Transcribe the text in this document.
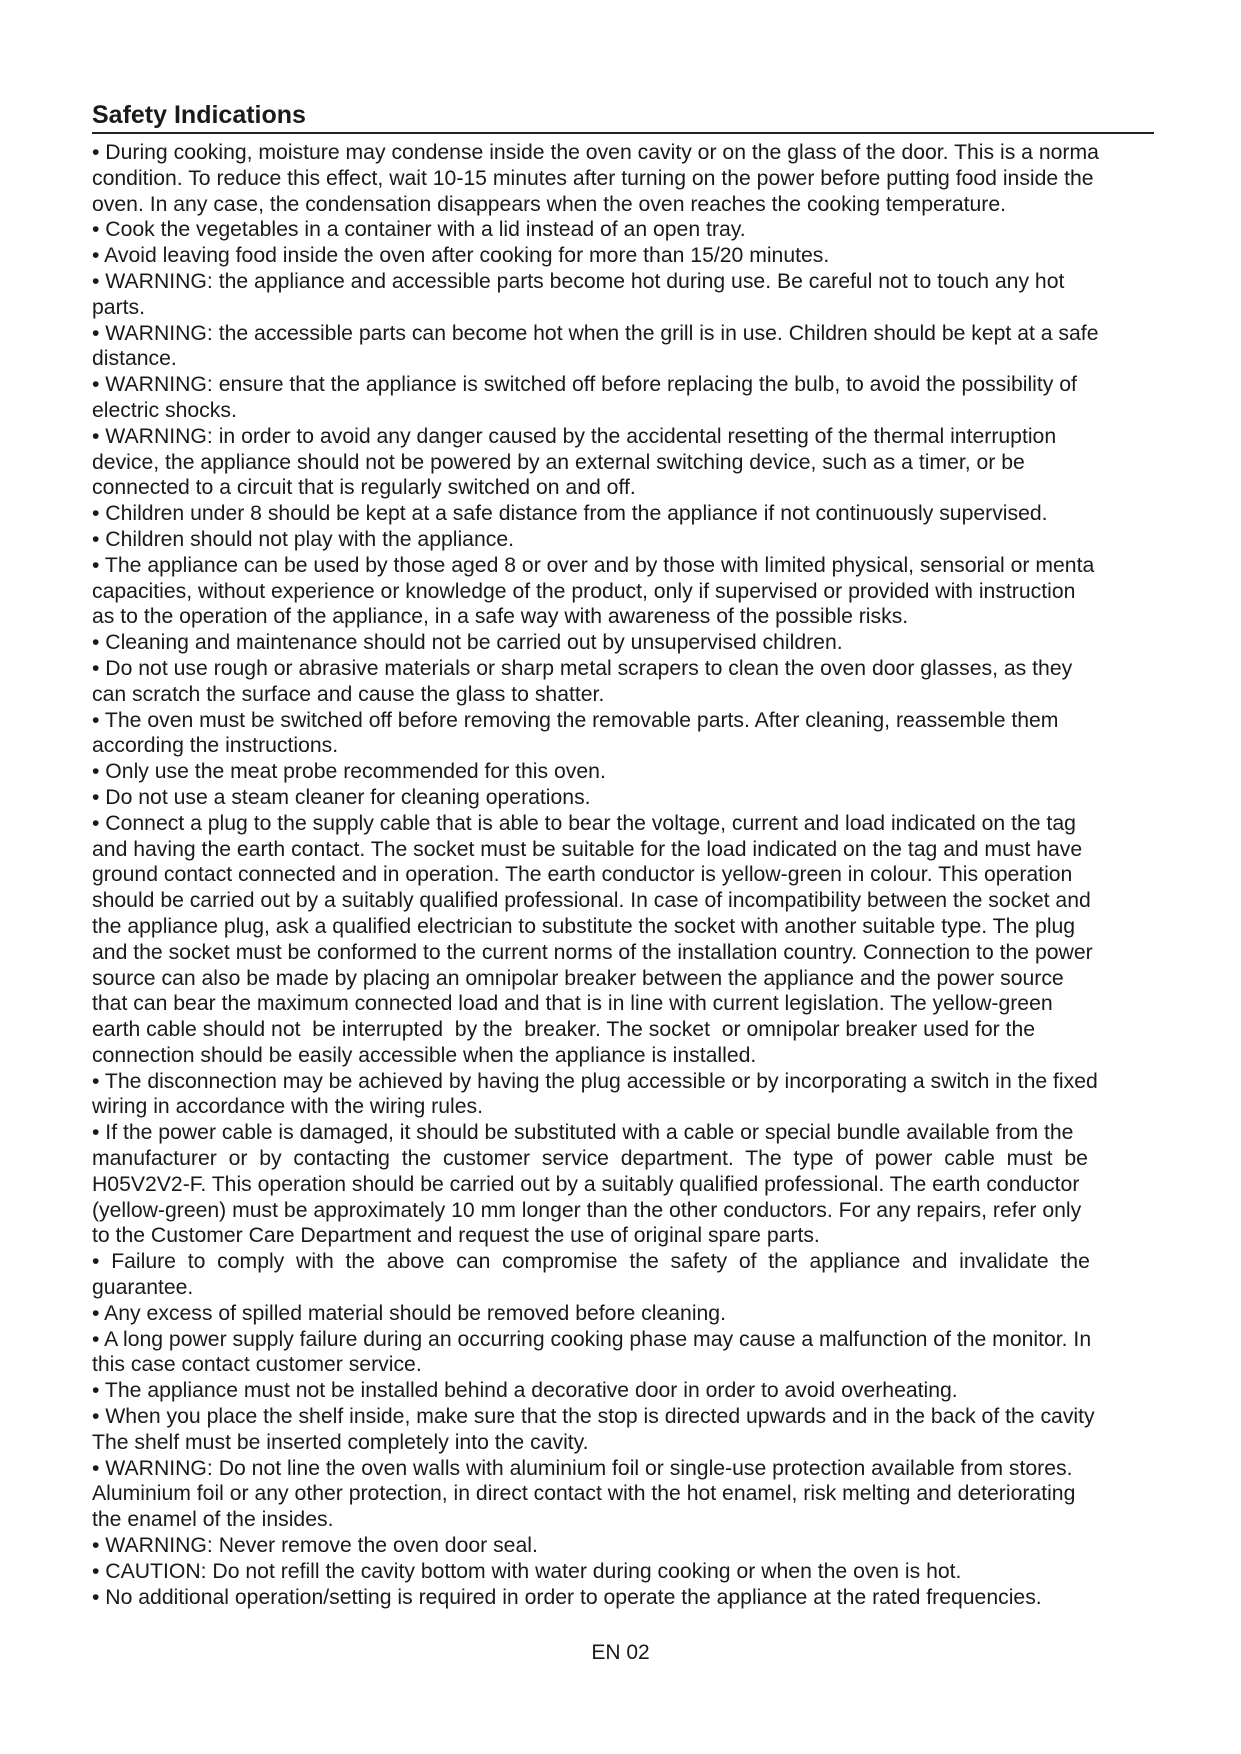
Safety Indications

• During cooking, moisture may condense inside the oven cavity or on the glass of the door. This is a norma
condition. To reduce this effect, wait 10-15 minutes after turning on the power before putting food inside the
oven. In any case, the condensation disappears when the oven reaches the cooking temperature.

• Cook the vegetables in a container with a lid instead of an open tray.

• Avoid leaving food inside the oven after cooking for more than 15/20 minutes.

• WARNING: the appliance and accessible parts become hot during use. Be careful not to touch any hot
parts.

• WARNING: the accessible parts can become hot when the grill is in use. Children should be kept at a safe
distance.

• WARNING: ensure that the appliance is switched off before replacing the bulb, to avoid the possibility of
electric shocks.

• WARNING: in order to avoid any danger caused by the accidental resetting of the thermal interruption
device, the appliance should not be powered by an external switching device, such as a timer, or be
connected to a circuit that is regularly switched on and off.

• Children under 8 should be kept at a safe distance from the appliance if not continuously supervised.

• Children should not play with the appliance.

• The appliance can be used by those aged 8 or over and by those with limited physical, sensorial or menta
capacities, without experience or knowledge of the product, only if supervised or provided with instruction
as to the operation of the appliance, in a safe way with awareness of the possible risks.

• Cleaning and maintenance should not be carried out by unsupervised children.

• Do not use rough or abrasive materials or sharp metal scrapers to clean the oven door glasses, as they
can scratch the surface and cause the glass to shatter.

• The oven must be switched off before removing the removable parts. After cleaning, reassemble them
according the instructions.

• Only use the meat probe recommended for this oven.

• Do not use a steam cleaner for cleaning operations.

• Connect a plug to the supply cable that is able to bear the voltage, current and load indicated on the tag
and having the earth contact. The socket must be suitable for the load indicated on the tag and must have
ground contact connected and in operation. The earth conductor is yellow-green in colour. This operation
should be carried out by a suitably qualified professional. In case of incompatibility between the socket and
the appliance plug, ask a qualified electrician to substitute the socket with another suitable type. The plug
and the socket must be conformed to the current norms of the installation country. Connection to the power
source can also be made by placing an omnipolar breaker between the appliance and the power source
that can bear the maximum connected load and that is in line with current legislation. The yellow-green
earth cable should not  be interrupted  by the  breaker. The socket  or omnipolar breaker used for the
connection should be easily accessible when the appliance is installed.

• The disconnection may be achieved by having the plug accessible or by incorporating a switch in the fixed
wiring in accordance with the wiring rules.

• If the power cable is damaged, it should be substituted with a cable or special bundle available from the
manufacturer  or  by  contacting  the  customer  service  department.  The  type  of  power  cable  must  be
H05V2V2-F. This operation should be carried out by a suitably qualified professional. The earth conductor
(yellow-green) must be approximately 10 mm longer than the other conductors. For any repairs, refer only
to the Customer Care Department and request the use of original spare parts.

•  Failure  to  comply  with  the  above  can  compromise  the  safety  of  the  appliance  and  invalidate  the
guarantee.

• Any excess of spilled material should be removed before cleaning.

• A long power supply failure during an occurring cooking phase may cause a malfunction of the monitor. In
this case contact customer service.

• The appliance must not be installed behind a decorative door in order to avoid overheating.

• When you place the shelf inside, make sure that the stop is directed upwards and in the back of the cavity
The shelf must be inserted completely into the cavity.

• WARNING: Do not line the oven walls with aluminium foil or single-use protection available from stores.
Aluminium foil or any other protection, in direct contact with the hot enamel, risk melting and deteriorating
the enamel of the insides.

• WARNING: Never remove the oven door seal.

• CAUTION: Do not refill the cavity bottom with water during cooking or when the oven is hot.

• No additional operation/setting is required in order to operate the appliance at the rated frequencies.

EN 02
